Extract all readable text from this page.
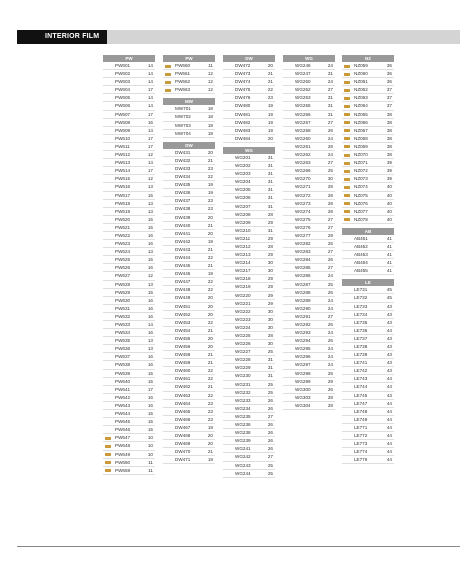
INTERIOR FILM
PW
PW601	14
PW602	14
PW603	14
PW604	17
PW605	14
PW606	14
PW607	17
PW608	16
PW609	14
PW610	17
PW611	17
PW612	12
PW613	14
PW614	17
PW615	12
PW616	13
PW617	15
PW618	13
PW619	13
PW620	15
PW621	15
PW622	16
PW623	16
PW624	13
PW625	15
PW626	16
PW627	12
PW628	13
PW629	15
PW630	16
PW631	16
PW632	16
PW633	14
PW634	16
PW635	13
PW636	13
PW637	16
PW638	16
PW639	15
PW640	15
PW641	17
PW642	16
PW643	16
PW644	15
PW645	15
PW646	15
PW647	10
PW648	10
PW649	10
PW650	11
PW659	11
PW
PW660	11
PW661	12
PW662	12
PW663	12
MW
MW701	18
MW702	18
MW703	18
MW704	18
DW
DW431	20
DW432	21
DW433	23
DW434	22
DW435	19
DW436	19
DW437	23
DW438	23
DW439	20
DW440	21
DW441	20
DW442	19
DW443	21
DW444	22
DW445	21
DW446	19
DW447	22
DW448	22
DW449	20
DW451	20
DW452	20
DW453	22
DW454	21
DW455	20
DW456	20
DW458	21
DW459	21
DW460	22
DW461	22
DW462	21
DW463	22
DW464	23
DW465	23
DW466	23
DW467	19
DW468	20
DW469	20
DW470	21
DW471	19
DW
DW472	20
DW473	21
DW474	21
DW475	22
DW476	23
DW480	19
DW481	19
DW482	19
DW483	19
DW484	20
WG
WG201	31
WG202	31
WG203	31
WG204	31
WG205	31
WG206	31
WG207	31
WG208	28
WG209	29
WG210	31
WG211	29
WG212	28
WG213	29
WG214	30
WG217	30
WG218	29
WG219	29
WG220	29
WG221	29
WG222	30
WG223	30
WG224	30
WG225	28
WG226	30
WG227	25
WG228	31
WG229	31
WG230	31
WG231	25
WG232	25
WG233	26
WG234	26
WG235	27
WG236	26
WG238	26
WG239	26
WG241	26
WG242	27
WG243	25
WG244	25
WG
WG246	24
WG247	31
WG250	24
WG252	27
WG253	31
WG255	31
WG256	31
WG257	27
WG258	26
WG260	24
WG261	28
WG262	24
WG263	27
WG266	25
WG270	30
WG271	28
WG272	28
WG273	28
WG274	28
WG275	27
WG276	27
WG277	29
WG282	25
WG283	27
WG284	26
WG285	27
WG286	24
WG287	25
WG288	26
WG289	24
WG290	24
WG291	27
WG292	26
WG293	24
WG294	26
WG295	24
WG296	24
WG297	24
WG298	25
WG299	29
WG300	26
WG303	28
WG304	28
NZ
NZ059	36
NZ060	36
NZ061	36
NZ062	37
NZ063	37
NZ064	37
NZ065	38
NZ066	38
NZ067	38
NZ068	38
NZ069	38
NZ070	38
NZ071	39
NZ072	39
NZ073	39
NZ074	40
NZ075	40
NZ076	40
NZ077	40
NZ078	40
AB
AB451	41
AB452	41
AB453	41
AB454	41
AB455	41
LE
LE731	45
LE732	45
LE733	43
LE734	43
LE735	43
LE736	44
LE737	43
LE738	43
LE739	43
LE741	43
LE742	43
LE743	44
LE744	44
LE745	43
LE747	44
LE748	44
LE749	44
LE771	44
LE772	44
LE773	44
LE774	44
LE776	44
